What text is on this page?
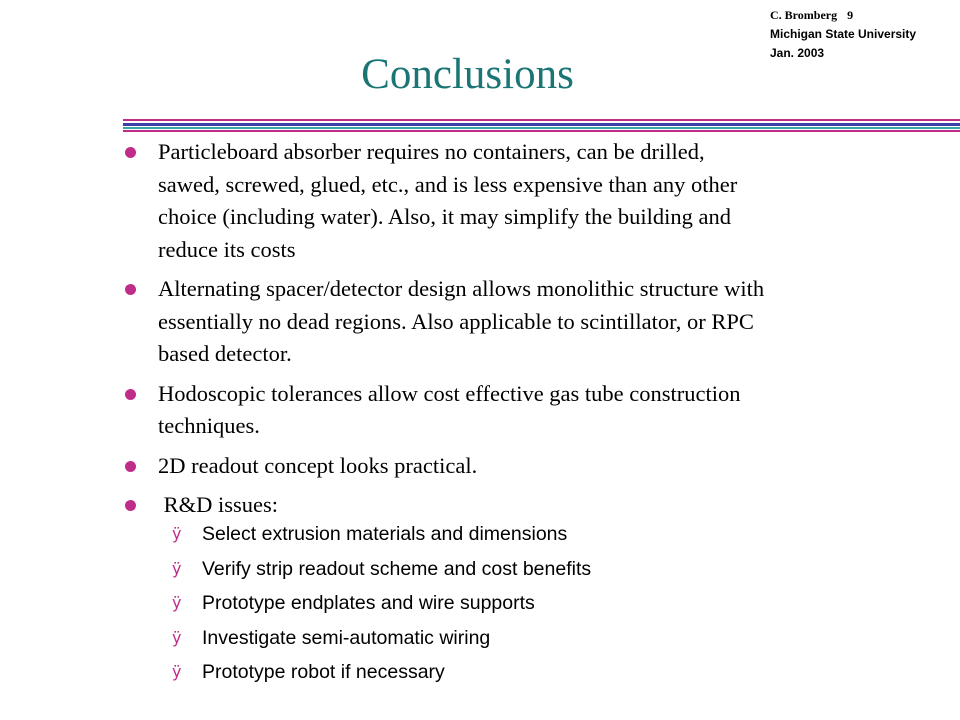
C. Bromberg 9
Michigan State University
Jan. 2003
Conclusions
Particleboard absorber requires no containers, can be drilled, sawed, screwed, glued, etc., and is less expensive than any other choice (including water). Also, it may simplify the building and reduce its costs
Alternating spacer/detector design allows monolithic structure with essentially no dead regions. Also applicable to scintillator, or RPC based detector.
Hodoscopic tolerances allow cost effective gas tube construction techniques.
2D readout concept looks practical.
R&D issues:
ÿ Select extrusion materials and dimensions
ÿ Verify strip readout scheme and cost benefits
ÿ Prototype endplates and wire supports
ÿ Investigate semi-automatic wiring
ÿ Prototype robot if necessary
